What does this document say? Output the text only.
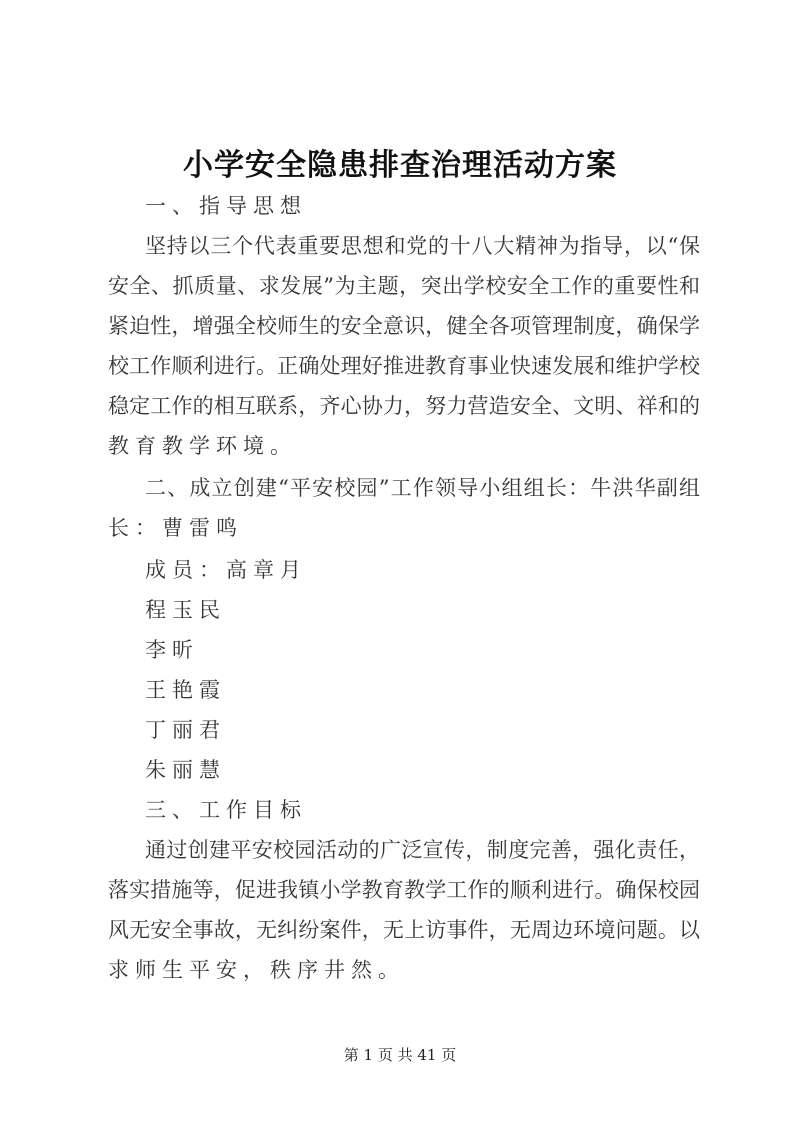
小学安全隐患排查治理活动方案
一、指导思想
坚持以三个代表重要思想和党的十八大精神为指导，以“保
安全、抓质量、求发展”为主题，突出学校安全工作的重要性和
紧迫性，增强全校师生的安全意识，健全各项管理制度，确保学
校工作顺利进行。正确处理好推进教育事业快速发展和维护学校
稳定工作的相互联系，齐心协力，努力营造安全、文明、祥和的
教育教学环境。
二、成立创建“平安校园”工作领导小组组长：牛洪华副组
长：曹雷鸣
成员：高章月
程玉民
李昕
王艳霞
丁丽君
朱丽慧
三、工作目标
通过创建平安校园活动的广泛宣传，制度完善，强化责任，
落实措施等，促进我镇小学教育教学工作的顺利进行。确保校园
风无安全事故，无纠纷案件，无上访事件，无周边环境问题。以
求师生平安，秩序井然。
第 1 页 共 41 页
